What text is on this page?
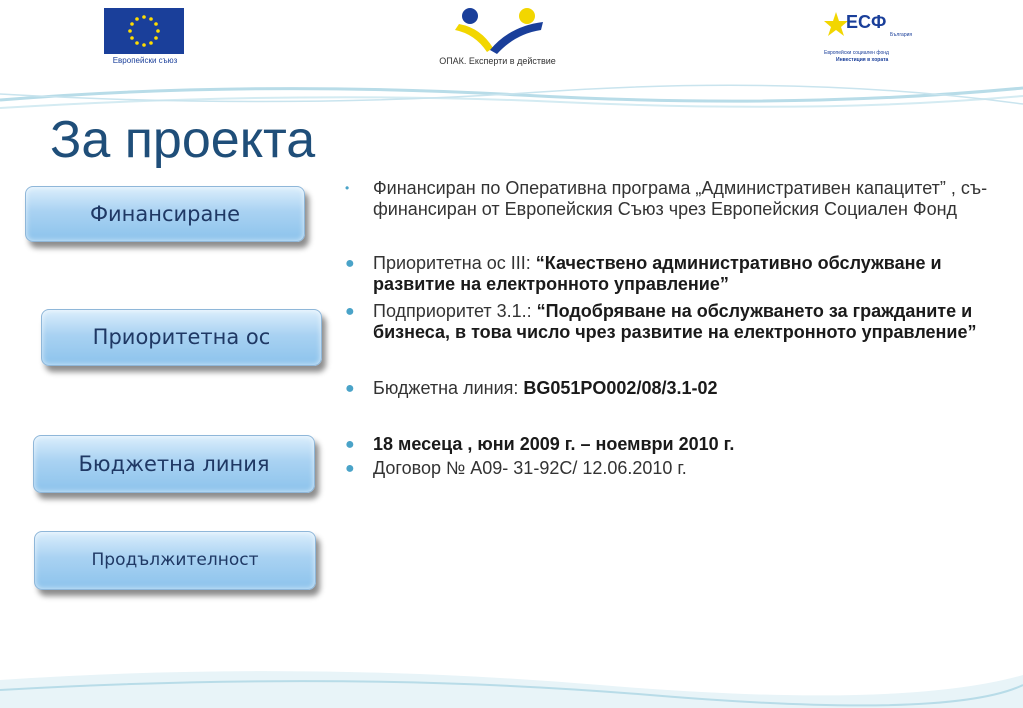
Европейски съюз	ОПАК. Експерти в действие
ЕСФ
България
Европейски социален фонд
Инвестиция в хората
За проекта
Финансиране
Приоритетна ос
Бюджетна линия
Продължителност
• Финансиран по Оперативна програма „Административен капацитет” , съ-финансиран от Европейския Съюз чрез Европейския Социален Фонд
● Приоритетна ос III: “Качествено административно обслужване и развитие на електронното управление”
● Подприоритет 3.1.: “Подобряване на обслужването за гражданите и бизнеса, в това число чрез развитие на електронното управление”
● Бюджетна линия: BG051PO002/08/3.1-02
● 18 месеца , юни 2009 г. – ноември 2010 г.
● Договор № А09- 31-92С/ 12.06.2010 г.
